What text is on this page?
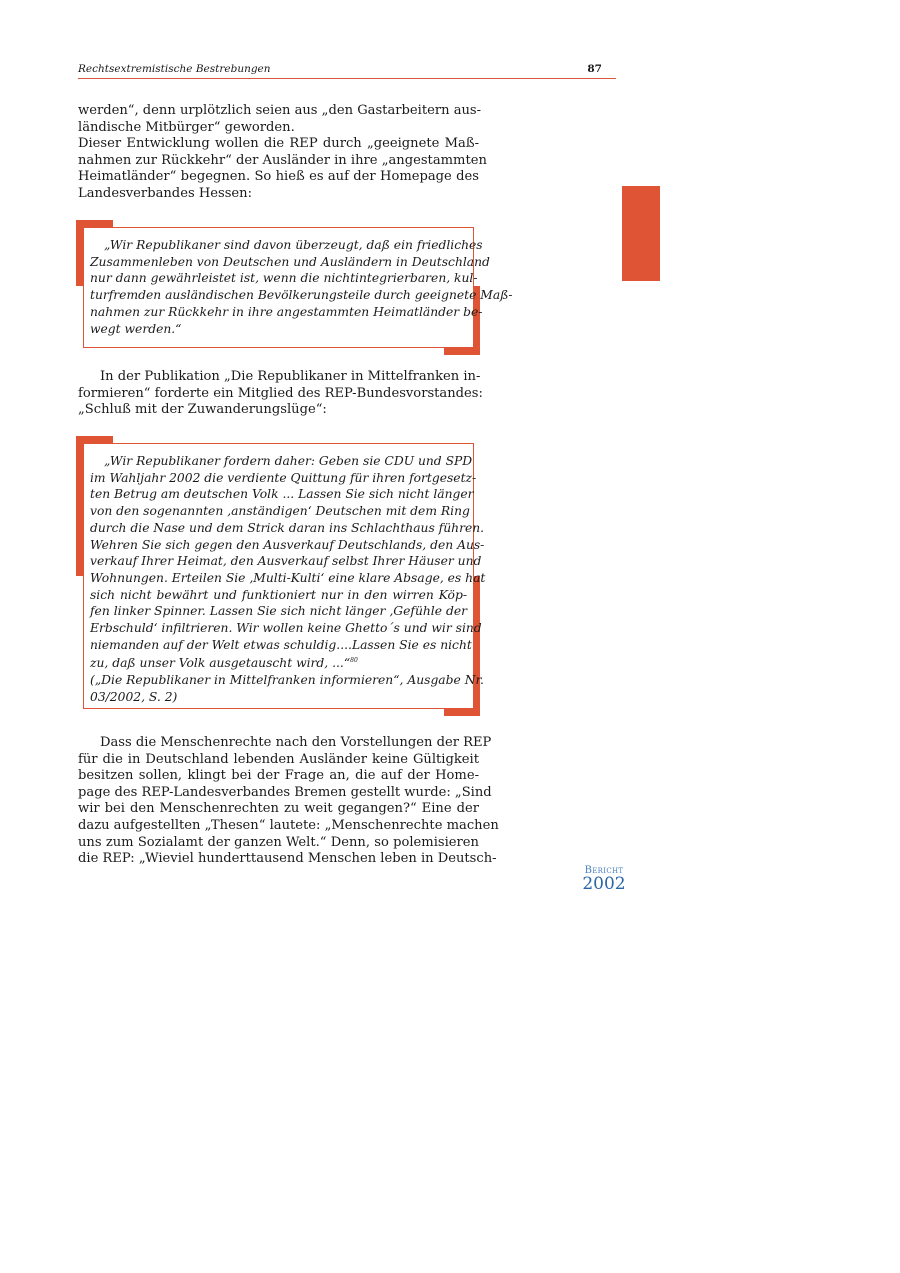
Rechtsextremistische Bestrebungen	87
werden“, denn urplötzlich seien aus „den Gastarbeitern aus-
ländische Mitbürger“ geworden.
Dieser Entwicklung wollen die REP durch „geeignete Maß-
nahmen zur Rückkehr“ der Ausländer in ihre „angestammten
Heimatländer“ begegnen. So hieß es auf der Homepage des
Landesverbandes Hessen:
„Wir Republikaner sind davon überzeugt, daß ein friedliches
Zusammenleben von Deutschen und Ausländern in Deutschland
nur dann gewährleistet ist, wenn die nichtintegrierbaren, kul-
turfremden ausländischen Bevölkerungsteile durch geeignete Maß-
nahmen zur Rückkehr in ihre angestammten Heimatländer be-
wegt werden.“
In der Publikation „Die Republikaner in Mittelfranken in-
formieren“ forderte ein Mitglied des REP-Bundesvorstandes:
„Schluß mit der Zuwanderungslüge“:
„Wir Republikaner fordern daher: Geben sie CDU und SPD
im Wahljahr 2002 die verdiente Quittung für ihren fortgesetz-
ten Betrug am deutschen Volk ... Lassen Sie sich nicht länger
von den sogenannten ‚anständigen‘ Deutschen mit dem Ring
durch die Nase und dem Strick daran ins Schlachthaus führen.
Wehren Sie sich gegen den Ausverkauf Deutschlands, den Aus-
verkauf Ihrer Heimat, den Ausverkauf selbst Ihrer Häuser und
Wohnungen. Erteilen Sie ‚Multi-Kulti‘ eine klare Absage, es hat
sich nicht bewährt und funktioniert nur in den wirren Köp-
fen linker Spinner. Lassen Sie sich nicht länger ‚Gefühle der
Erbschuld‘ infiltrieren. Wir wollen keine Ghetto´s und wir sind
niemanden auf der Welt etwas schuldig....Lassen Sie es nicht
zu, daß unser Volk ausgetauscht wird, ...“$^{80}$
(„Die Republikaner in Mittelfranken informieren“, Ausgabe Nr.
03/2002, S. 2)
Dass die Menschenrechte nach den Vorstellungen der REP
für die in Deutschland lebenden Ausländer keine Gültigkeit
besitzen sollen, klingt bei der Frage an, die auf der Home-
page des REP-Landesverbandes Bremen gestellt wurde: „Sind
wir bei den Menschenrechten zu weit gegangen?“ Eine der
dazu aufgestellten „Thesen“ lautete: „Menschenrechte machen
uns zum Sozialamt der ganzen Welt.“ Denn, so polemisieren
die REP: „Wieviel hunderttausend Menschen leben in Deutsch-
Bericht
2002
